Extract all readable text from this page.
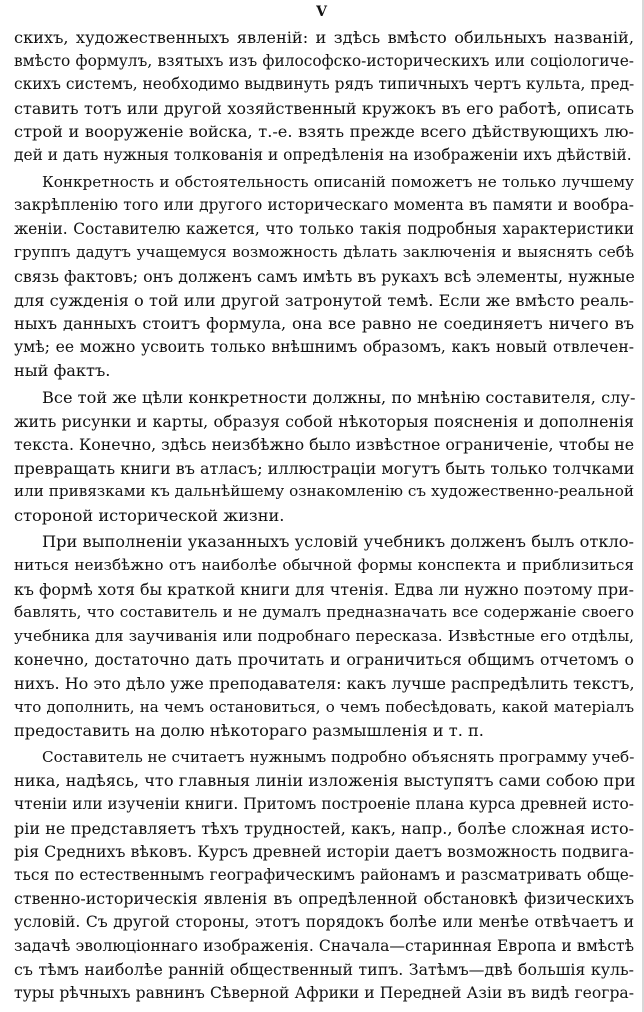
V
скихъ, художественныхъ явленій: и здѣсь вмѣсто обильныхъ названій,
вмѣсто формулъ, взятыхъ изъ философско-историческихъ или соціологиче-
скихъ системъ, необходимо выдвинуть рядъ типичныхъ чертъ культа, пред-
ставить тотъ или другой хозяйственный кружокъ въ его работѣ, описать
строй и вооруженіе войска, т.-е. взять прежде всего дѣйствующихъ лю-
дей и дать нужныя толкованія и опредѣленія на изображеніи ихъ дѣйствій.
Конкретность и обстоятельность описаній поможетъ не только лучшему
закрѣпленію того или другого историческаго момента въ памяти и вообра-
женіи. Составителю кажется, что только такія подробныя характеристики
группъ дадутъ учащемуся возможность дѣлать заключенія и выяснять себѣ
связь фактовъ; онъ долженъ самъ имѣть въ рукахъ всѣ элементы, нужные
для сужденія о той или другой затронутой темѣ. Если же вмѣсто реаль-
ныхъ данныхъ стоитъ формула, она все равно не соединяетъ ничего въ
умѣ; ее можно усвоить только внѣшнимъ образомъ, какъ новый отвлечен-
ный фактъ.
Все той же цѣли конкретности должны, по мнѣнію составителя, слу-
жить рисунки и карты, образуя собой нѣкоторыя поясненія и дополненія
текста. Конечно, здѣсь неизбѣжно было извѣстное ограниченіе, чтобы не
превращать книги въ атласъ; иллюстраціи могутъ быть только толчками
или привязками къ дальнѣйшему ознакомленію съ художественно-реальной
стороной исторической жизни.
При выполненіи указанныхъ условій учебникъ долженъ былъ откло-
ниться неизбѣжно отъ наиболѣе обычной формы конспекта и приблизиться
къ формѣ хотя бы краткой книги для чтенія. Едва ли нужно поэтому при-
бавлять, что составитель и не думалъ предназначать все содержаніе своего
учебника для заучиванія или подробнаго пересказа. Извѣстные его отдѣлы,
конечно, достаточно дать прочитать и ограничиться общимъ отчетомъ о
нихъ. Но это дѣло уже преподавателя: какъ лучше распредѣлить текстъ,
что дополнить, на чемъ остановиться, о чемъ побесѣдовать, какой матеріалъ
предоставить на долю нѣкотораго размышленія и т. п.
Составитель не считаетъ нужнымъ подробно объяснять программу учеб-
ника, надѣясь, что главныя линіи изложенія выступятъ сами собою при
чтеніи или изученіи книги. Притомъ построеніе плана курса древней исто-
ріи не представляетъ тѣхъ трудностей, какъ, напр., болѣе сложная исто-
рія Среднихъ вѣковъ. Курсъ древней исторіи даетъ возможность подвига-
ться по естественнымъ географическимъ районамъ и разсматривать обще-
ственно-историческія явленія въ опредѣленной обстановкѣ физическихъ
условій. Съ другой стороны, этотъ порядокъ болѣе или менѣе отвѣчаетъ и
задачѣ эволюціоннаго изображенія. Сначала—старинная Европа и вмѣстѣ
съ тѣмъ наиболѣе ранній общественный типъ. Затѣмъ—двѣ большія куль-
туры рѣчныхъ равнинъ Сѣверной Африки и Передней Азіи въ видѣ геогра-
